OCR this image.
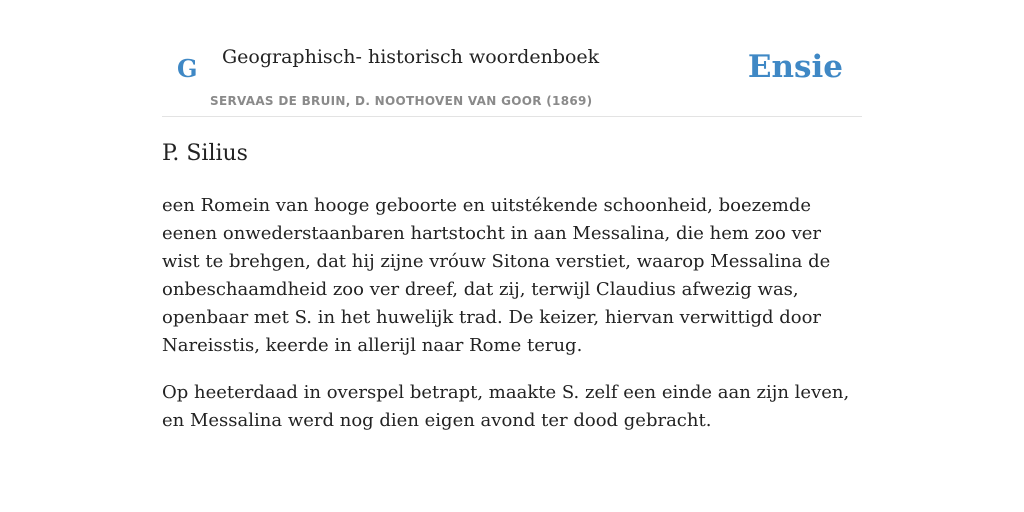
G Geographisch- historisch woordenboek
SERVAAS DE BRUIN, D. NOOTHOVEN VAN GOOR (1869)
Ensie
P. Silius

een Romein van hooge geboorte en uitstékende schoonheid, boezemde eenen onwederstaanbaren hartstocht in aan Messalina, die hem zoo ver wist te brehgen, dat hij zijne vróuw Sitona verstiet, waarop Messalina de onbeschaamdheid zoo ver dreef, dat zij, terwijl Claudius afwezig was, openbaar met S. in het huwelijk trad. De keizer, hiervan verwittigd door Nareisstis, keerde in allerijl naar Rome terug.

Op heeterdaad in overspel betrapt, maakte S. zelf een einde aan zijn leven, en Messalina werd nog dien eigen avond ter dood gebracht.
